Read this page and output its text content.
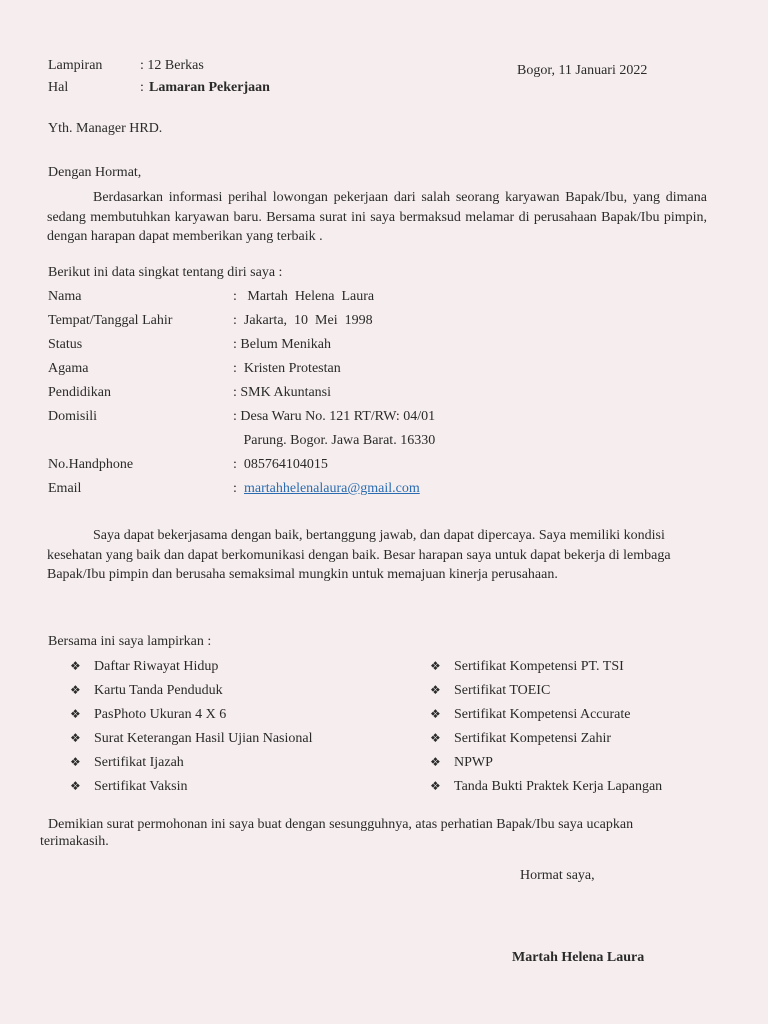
Lampiran	: 12 Berkas
Hal	: Lamaran Pekerjaan
Bogor, 11 Januari 2022
Yth. Manager HRD.
Dengan Hormat,
Berdasarkan informasi perihal lowongan pekerjaan dari salah seorang karyawan Bapak/Ibu, yang dimana sedang membutuhkan karyawan baru. Bersama surat ini saya bermaksud melamar di perusahaan Bapak/Ibu pimpin, dengan harapan dapat memberikan yang terbaik .
Berikut ini data singkat tentang diri saya :
Nama	:   Martah  Helena  Laura
Tempat/Tanggal Lahir	:  Jakarta,  10  Mei  1998
Status	: Belum Menikah
Agama	:  Kristen Protestan
Pendidikan	: SMK Akuntansi
Domisili	: Desa Waru No. 121 RT/RW: 04/01
Parung. Bogor. Jawa Barat. 16330
No.Handphone	:  085764104015
Email	: martahhelenalaura@gmail.com
Saya dapat bekerjasama dengan baik, bertanggung jawab, dan dapat dipercaya. Saya memiliki kondisi kesehatan yang baik dan dapat berkomunikasi dengan baik. Besar harapan saya untuk dapat bekerja di lembaga Bapak/Ibu pimpin dan berusaha semaksimal mungkin untuk memajuan kinerja perusahaan.
Bersama ini saya lampirkan :
❖ Daftar Riwayat Hidup
❖ Kartu Tanda Penduduk
❖ PasPhoto Ukuran 4 X 6
❖ Surat Keterangan Hasil Ujian Nasional
❖ Sertifikat Ijazah
❖ Sertifikat Vaksin
❖ Sertifikat Kompetensi PT. TSI
❖ Sertifikat TOEIC
❖ Sertifikat Kompetensi Accurate
❖ Sertifikat Kompetensi Zahir
❖ NPWP
❖ Tanda Bukti Praktek Kerja Lapangan
Demikian surat permohonan ini saya buat dengan sesungguhnya, atas perhatian Bapak/Ibu saya ucapkan
terimakasih.
Hormat saya,
Martah Helena Laura
